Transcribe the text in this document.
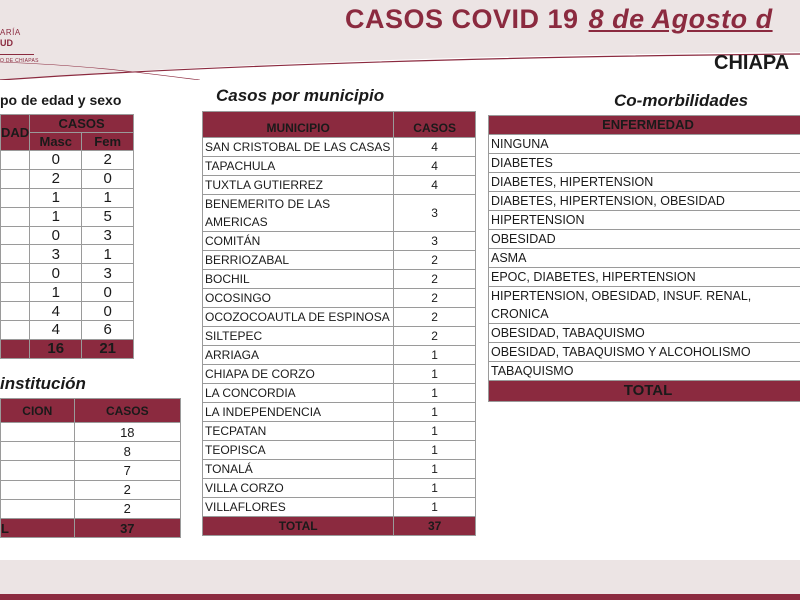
ARÍA
UD
O DE CHIAPAS
CASOS COVID 19 8 de Agosto d
CHIAPA
po de edad y sexo
DAD	CASOS	
	Masc	Fem
	0	2
	2	0
	1	1
	1	5
	0	3
	3	1
	0	3
	1	0
	4	0
	4	6
	16	21
institución
CION	CASOS
	18
	8
	7
	2
	2
L	37
Casos por municipio
MUNICIPIO	CASOS
SAN CRISTOBAL DE LAS CASAS	4
TAPACHULA	4
TUXTLA GUTIERREZ	4
BENEMERITO DE LAS AMERICAS	3
COMITÁN	3
BERRIOZABAL	2
BOCHIL	2
OCOSINGO	2
OCOZOCOAUTLA DE ESPINOSA	2
SILTEPEC	2
ARRIAGA	1
CHIAPA DE CORZO	1
LA CONCORDIA	1
LA INDEPENDENCIA	1
TECPATAN	1
TEOPISCA	1
TONALÁ	1
VILLA CORZO	1
VILLAFLORES	1
TOTAL	37
Co-morbilidades
ENFERMEDAD
NINGUNA
DIABETES
DIABETES, HIPERTENSION
DIABETES, HIPERTENSION, OBESIDAD
HIPERTENSION
OBESIDAD
ASMA
EPOC, DIABETES, HIPERTENSION
HIPERTENSION, OBESIDAD, INSUF. RENAL, CRONICA
OBESIDAD, TABAQUISMO
OBESIDAD, TABAQUISMO Y ALCOHOLISMO
TABAQUISMO
TOTAL
